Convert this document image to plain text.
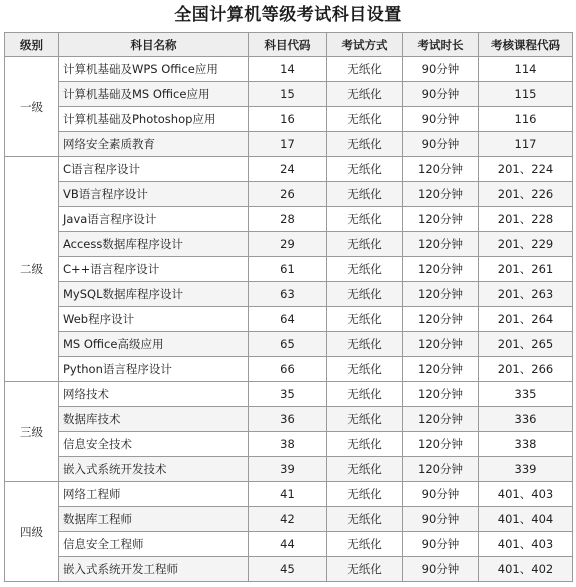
全国计算机等级考试科目设置
级别	科目名称	科目代码	考试方式	考试时长	考核课程代码
一级	计算机基础及WPS Office应用	14	无纸化	90分钟	114
	计算机基础及MS Office应用	15	无纸化	90分钟	115
	计算机基础及Photoshop应用	16	无纸化	90分钟	116
	网络安全素质教育	17	无纸化	90分钟	117
二级	C语言程序设计	24	无纸化	120分钟	201、224
	VB语言程序设计	26	无纸化	120分钟	201、226
	Java语言程序设计	28	无纸化	120分钟	201、228
	Access数据库程序设计	29	无纸化	120分钟	201、229
	C++语言程序设计	61	无纸化	120分钟	201、261
	MySQL数据库程序设计	63	无纸化	120分钟	201、263
	Web程序设计	64	无纸化	120分钟	201、264
	MS Office高级应用	65	无纸化	120分钟	201、265
	Python语言程序设计	66	无纸化	120分钟	201、266
三级	网络技术	35	无纸化	120分钟	335
	数据库技术	36	无纸化	120分钟	336
	信息安全技术	38	无纸化	120分钟	338
	嵌入式系统开发技术	39	无纸化	120分钟	339
四级	网络工程师	41	无纸化	90分钟	401、403
	数据库工程师	42	无纸化	90分钟	401、404
	信息安全工程师	44	无纸化	90分钟	401、403
	嵌入式系统开发工程师	45	无纸化	90分钟	401、402
